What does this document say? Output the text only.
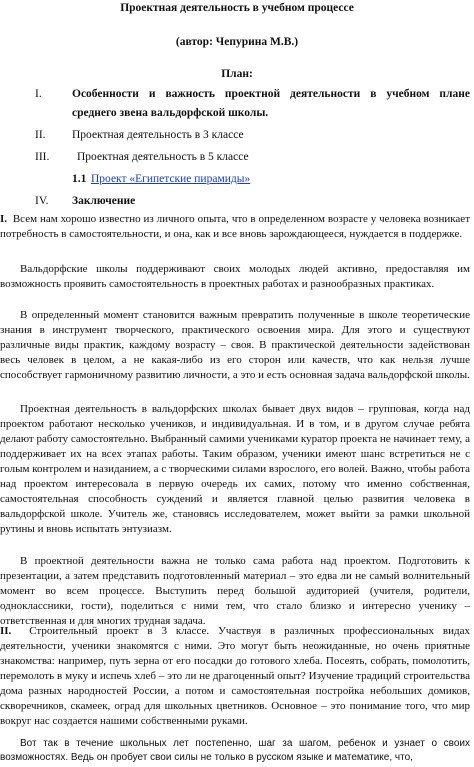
Проектная деятельность в учебном процессе
(автор: Чепурина М.В.)
План:
I.	Особенности и важность проектной деятельности в учебном плане
среднего звена вальдорфской школы.
II. Проектная деятельность в 3 классе
III. Проектная деятельность в 5 классе
1.1 Проект «Египетские пирамиды»
IV. Заключение

I. Всем нам хорошо известно из личного опыта, что в определенном возрасте у человека возникает потребность в самостоятельности, и она, как и все вновь зарождающееся, нуждается в поддержке.

Вальдорфские школы поддерживают своих молодых людей активно, предоставляя им возможность проявить самостоятельность в проектных работах и разнообразных практиках.

В определенный момент становится важным превратить полученные в школе теоретические знания в инструмент творческого, практического освоения мира. Для этого и существуют различные виды практик, каждому возрасту – своя. В практической деятельности задействован весь человек в целом, а не какая-либо из его сторон или качеств, что как нельзя лучше способствует гармоничному развитию личности, а это и есть основная задача вальдорфской школы.

Проектная деятельность в вальдорфских школах бывает двух видов – групповая, когда над проектом работают несколько учеников, и индивидуальная. И в том, и в другом случае ребята делают работу самостоятельно. Выбранный самими учениками куратор проекта не начинает тему, а поддерживает их на всех этапах работы. Таким образом, ученики имеют шанс встретиться не с голым контролем и назиданием, а с творческими силами взрослого, его волей. Важно, чтобы работа над проектом интересовала в первую очередь их самих, потому что именно собственная, самостоятельная способность суждений и является главной целью развития человека в вальдорфской школе. Учитель же, становясь исследователем, может выйти за рамки школьной рутины и вновь испытать энтузиазм.

В проектной деятельности важна не только сама работа над проектом. Подготовить к презентации, а затем представить подготовленный материал – это едва ли не самый волнительный момент во всем процессе. Выступить перед большой аудиторией (учителя, родители, одноклассники, гости), поделиться с ними тем, что стало близко и интересно ученику – ответственная и для многих трудная задача.

II. Строительный проект в 3 классе. Участвуя в различных профессиональных видах деятельности, ученики знакомятся с ними. Это могут быть неожиданные, но очень приятные знакомства: например, путь зерна от его посадки до готового хлеба. Посеять, собрать, помолотить, перемолоть в муку и испечь хлеб – это ли не драгоценный опыт? Изучение традиций строительства дома разных народностей России, а потом и самостоятельная постройка небольших домиков, скворечников, скамеек, оград для школьных цветников. Основное – это понимание того, что мир вокруг нас создается нашими собственными руками.

Вот так в течение школьных лет постепенно, шаг за шагом, ребенок и узнает о своих возможностях. Ведь он пробует свои силы не только в русском языке и математике, что,
